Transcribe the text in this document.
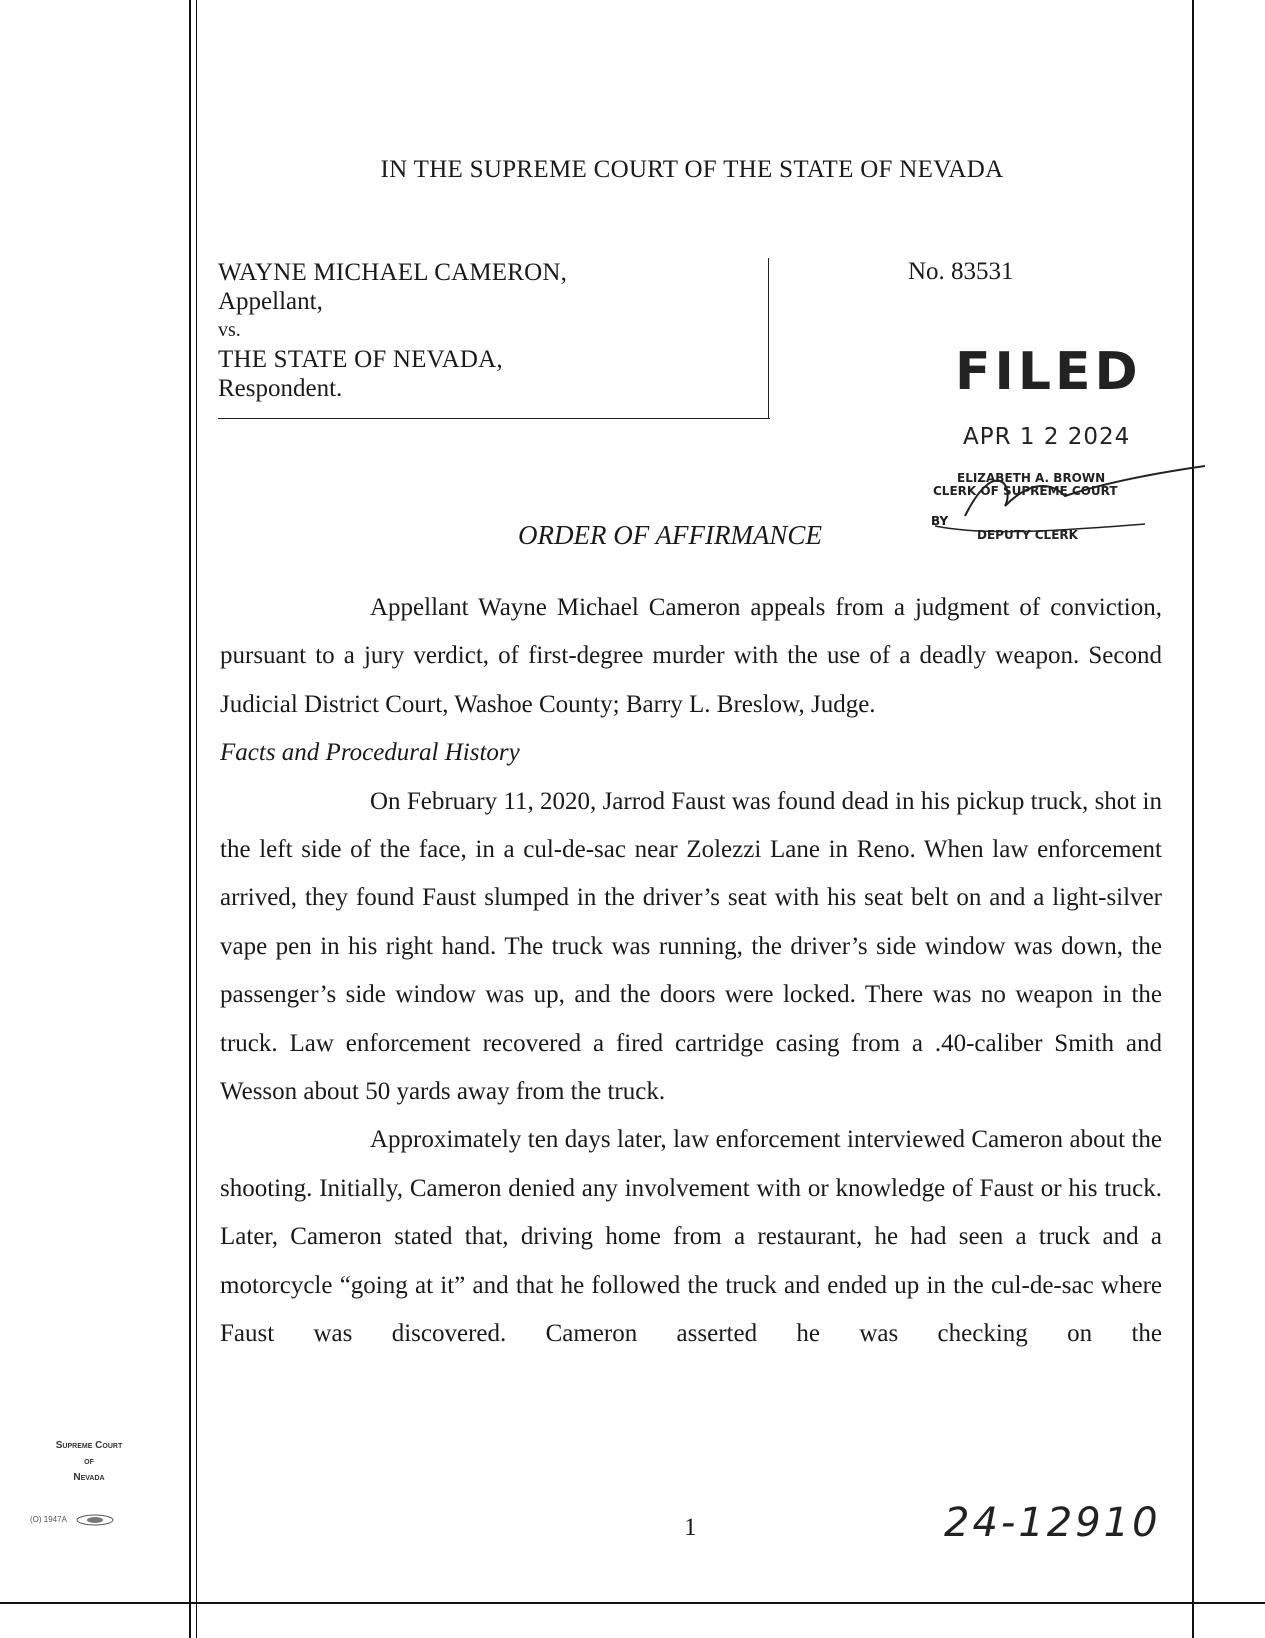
IN THE SUPREME COURT OF THE STATE OF NEVADA
WAYNE MICHAEL CAMERON,
Appellant,
vs.
THE STATE OF NEVADA,
Respondent.
No. 83531
FILED
APR 1 2 2024
ELIZABETH A. BROWN
CLERK OF SUPREME COURT
BY
DEPUTY CLERK
ORDER OF AFFIRMANCE

Appellant Wayne Michael Cameron appeals from a judgment of conviction, pursuant to a jury verdict, of first-degree murder with the use of a deadly weapon. Second Judicial District Court, Washoe County; Barry L. Breslow, Judge.

Facts and Procedural History

On February 11, 2020, Jarrod Faust was found dead in his pickup truck, shot in the left side of the face, in a cul-de-sac near Zolezzi Lane in Reno. When law enforcement arrived, they found Faust slumped in the driver’s seat with his seat belt on and a light-silver vape pen in his right hand. The truck was running, the driver’s side window was down, the passenger’s side window was up, and the doors were locked. There was no weapon in the truck. Law enforcement recovered a fired cartridge casing from a .40-caliber Smith and Wesson about 50 yards away from the truck.

Approximately ten days later, law enforcement interviewed Cameron about the shooting. Initially, Cameron denied any involvement with or knowledge of Faust or his truck. Later, Cameron stated that, driving home from a restaurant, he had seen a truck and a motorcycle “going at it” and that he followed the truck and ended up in the cul-de-sac where Faust was discovered. Cameron asserted he was checking on the

1	24-12910
Supreme Court
of
Nevada
(O) 1947A
